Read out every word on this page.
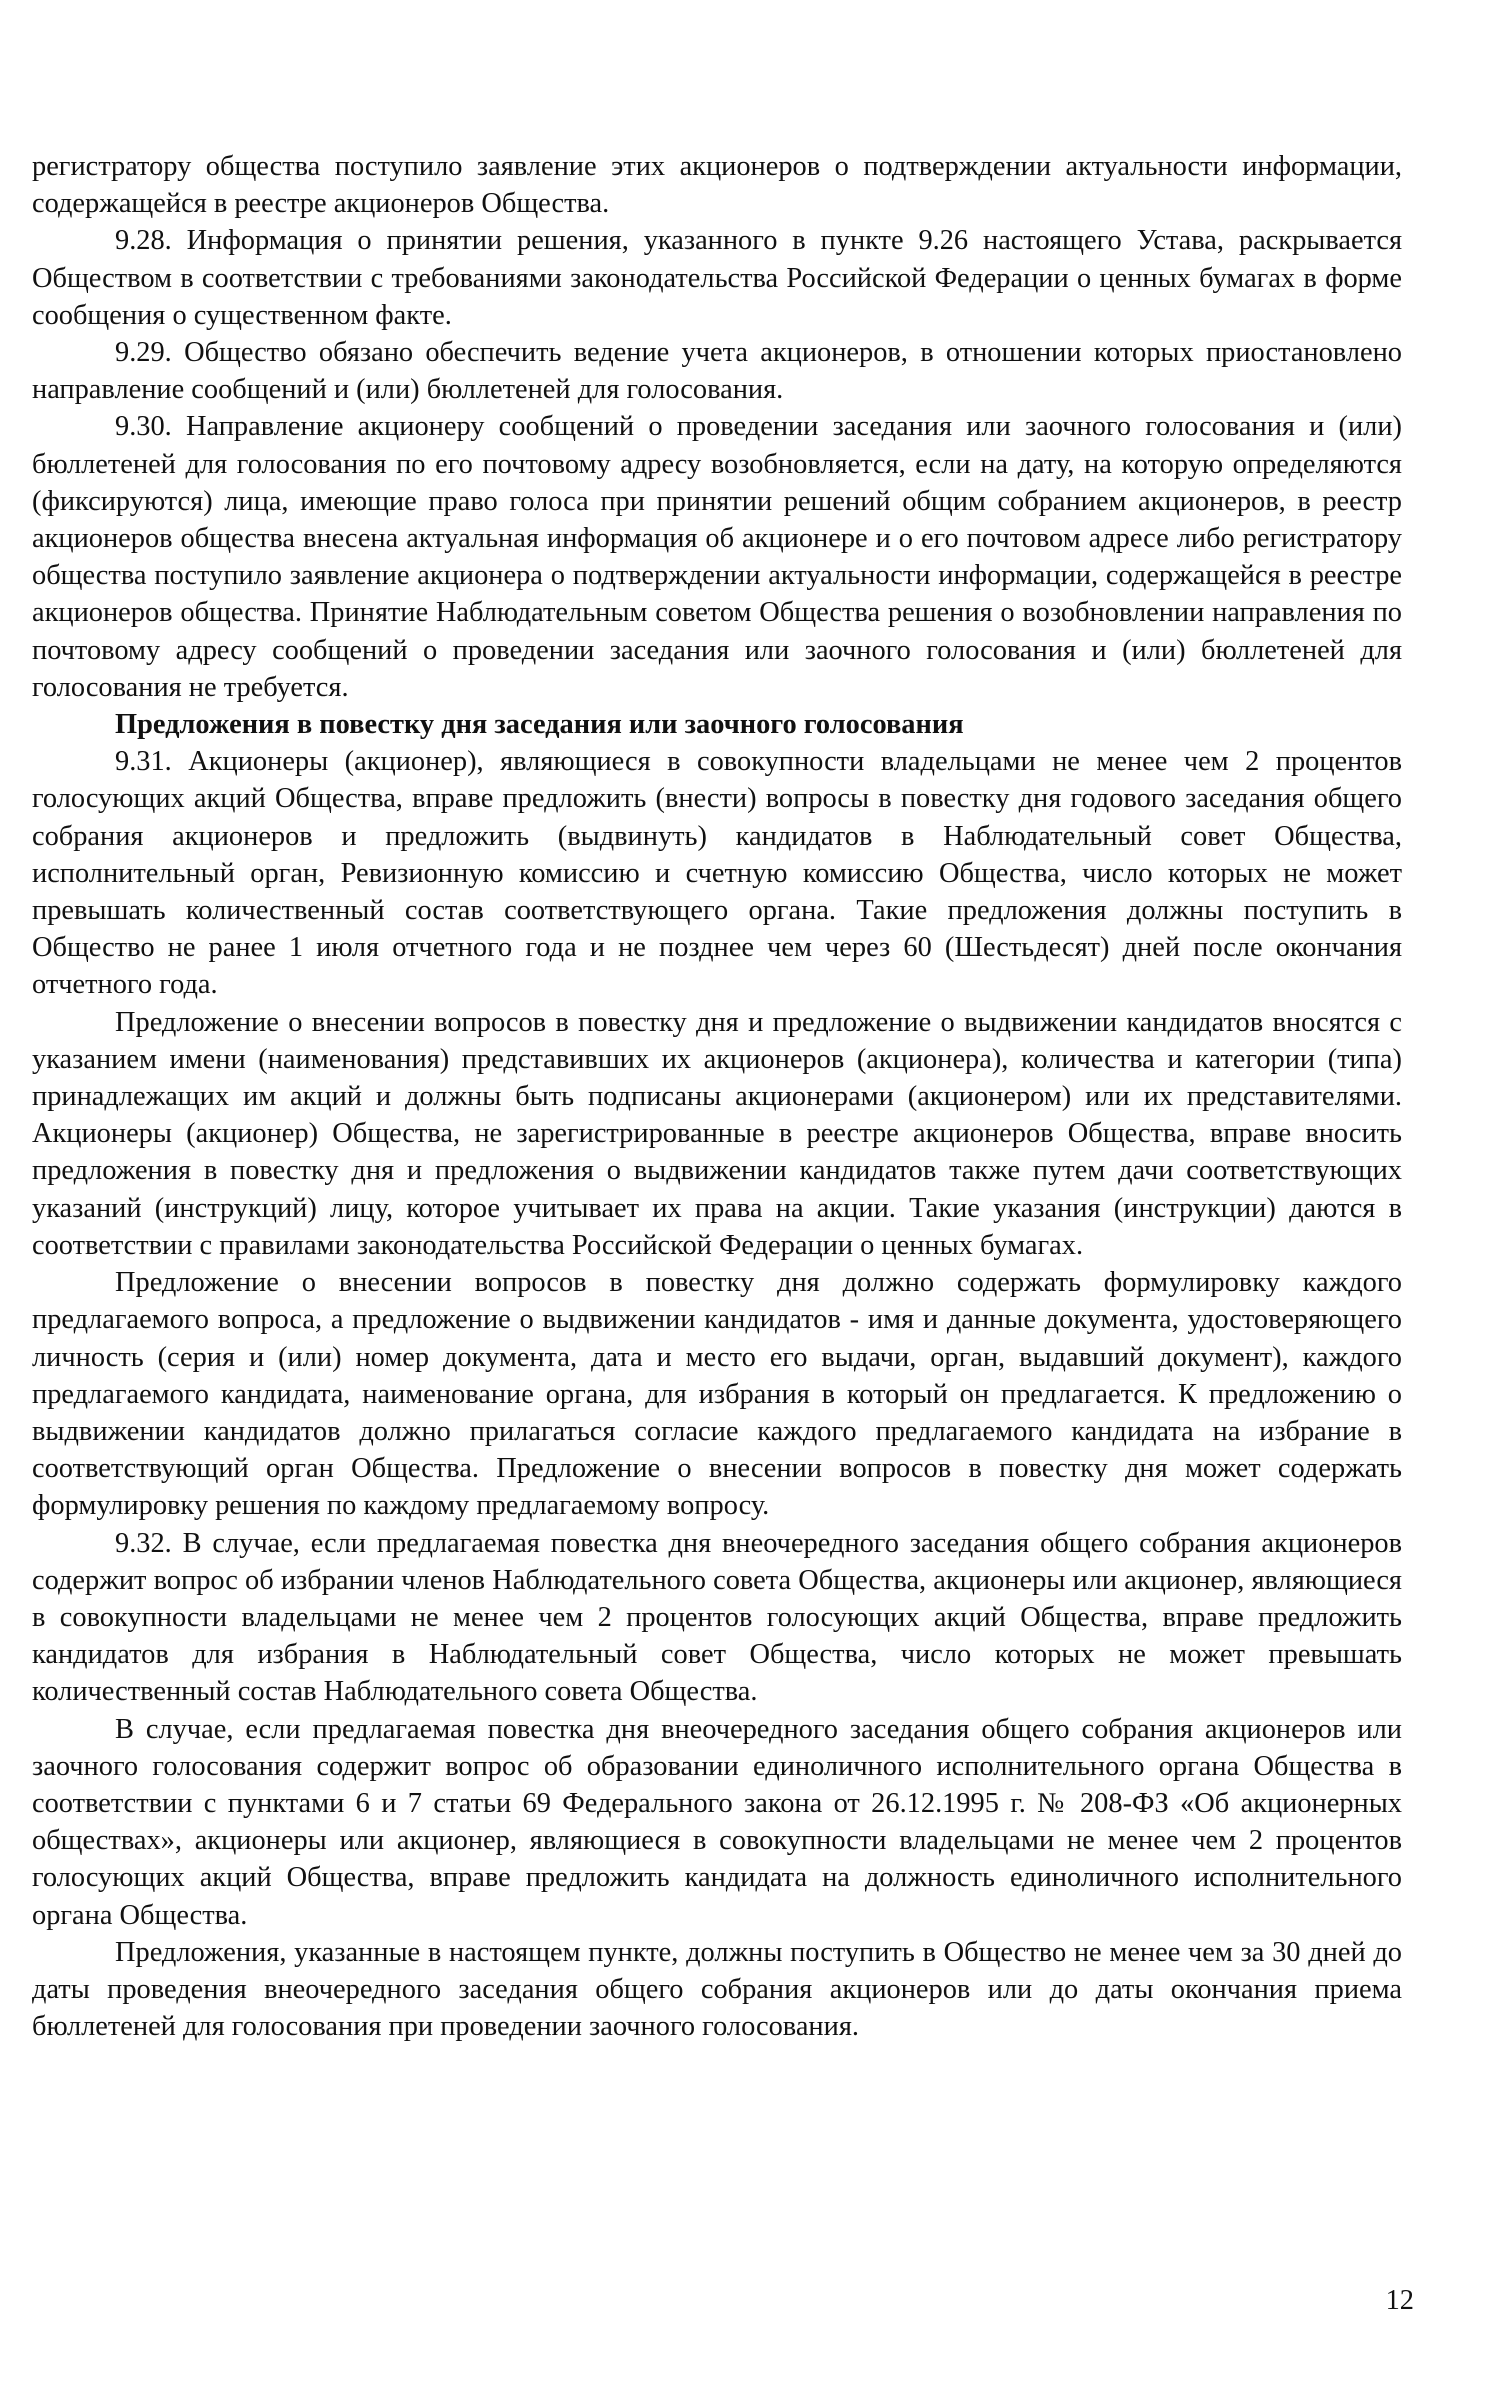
регистратору общества поступило заявление этих акционеров о подтверждении актуальности информации, содержащейся в реестре акционеров Общества.

9.28. Информация о принятии решения, указанного в пункте 9.26 настоящего Устава, раскрывается Обществом в соответствии с требованиями законодательства Российской Федерации о ценных бумагах в форме сообщения о существенном факте.

9.29. Общество обязано обеспечить ведение учета акционеров, в отношении которых приостановлено направление сообщений и (или) бюллетеней для голосования.

9.30. Направление акционеру сообщений о проведении заседания или заочного голосования и (или) бюллетеней для голосования по его почтовому адресу возобновляется, если на дату, на которую определяются (фиксируются) лица, имеющие право голоса при принятии решений общим собранием акционеров, в реестр акционеров общества внесена актуальная информация об акционере и о его почтовом адресе либо регистратору общества поступило заявление акционера о подтверждении актуальности информации, содержащейся в реестре акционеров общества. Принятие Наблюдательным советом Общества решения о возобновлении направления по почтовому адресу сообщений о проведении заседания или заочного голосования и (или) бюллетеней для голосования не требуется.

Предложения в повестку дня заседания или заочного голосования

9.31. Акционеры (акционер), являющиеся в совокупности владельцами не менее чем 2 процентов голосующих акций Общества, вправе предложить (внести) вопросы в повестку дня годового заседания общего собрания акционеров и предложить (выдвинуть) кандидатов в Наблюдательный совет Общества, исполнительный орган, Ревизионную комиссию и счетную комиссию Общества, число которых не может превышать количественный состав соответствующего органа. Такие предложения должны поступить в Общество не ранее 1 июля отчетного года и не позднее чем через 60 (Шестьдесят) дней после окончания отчетного года.

Предложение о внесении вопросов в повестку дня и предложение о выдвижении кандидатов вносятся с указанием имени (наименования) представивших их акционеров (акционера), количества и категории (типа) принадлежащих им акций и должны быть подписаны акционерами (акционером) или их представителями. Акционеры (акционер) Общества, не зарегистрированные в реестре акционеров Общества, вправе вносить предложения в повестку дня и предложения о выдвижении кандидатов также путем дачи соответствующих указаний (инструкций) лицу, которое учитывает их права на акции. Такие указания (инструкции) даются в соответствии с правилами законодательства Российской Федерации о ценных бумагах.

Предложение о внесении вопросов в повестку дня должно содержать формулировку каждого предлагаемого вопроса, а предложение о выдвижении кандидатов - имя и данные документа, удостоверяющего личность (серия и (или) номер документа, дата и место его выдачи, орган, выдавший документ), каждого предлагаемого кандидата, наименование органа, для избрания в который он предлагается. К предложению о выдвижении кандидатов должно прилагаться согласие каждого предлагаемого кандидата на избрание в соответствующий орган Общества. Предложение о внесении вопросов в повестку дня может содержать формулировку решения по каждому предлагаемому вопросу.

9.32. В случае, если предлагаемая повестка дня внеочередного заседания общего собрания акционеров содержит вопрос об избрании членов Наблюдательного совета Общества, акционеры или акционер, являющиеся в совокупности владельцами не менее чем 2 процентов голосующих акций Общества, вправе предложить кандидатов для избрания в Наблюдательный совет Общества, число которых не может превышать количественный состав Наблюдательного совета Общества.

В случае, если предлагаемая повестка дня внеочередного заседания общего собрания акционеров или заочного голосования содержит вопрос об образовании единоличного исполнительного органа Общества в соответствии с пунктами 6 и 7 статьи 69 Федерального закона от 26.12.1995 г. № 208-ФЗ «Об акционерных обществах», акционеры или акционер, являющиеся в совокупности владельцами не менее чем 2 процентов голосующих акций Общества, вправе предложить кандидата на должность единоличного исполнительного органа Общества.

Предложения, указанные в настоящем пункте, должны поступить в Общество не менее чем за 30 дней до даты проведения внеочередного заседания общего собрания акционеров или до даты окончания приема бюллетеней для голосования при проведении заочного голосования.

12
